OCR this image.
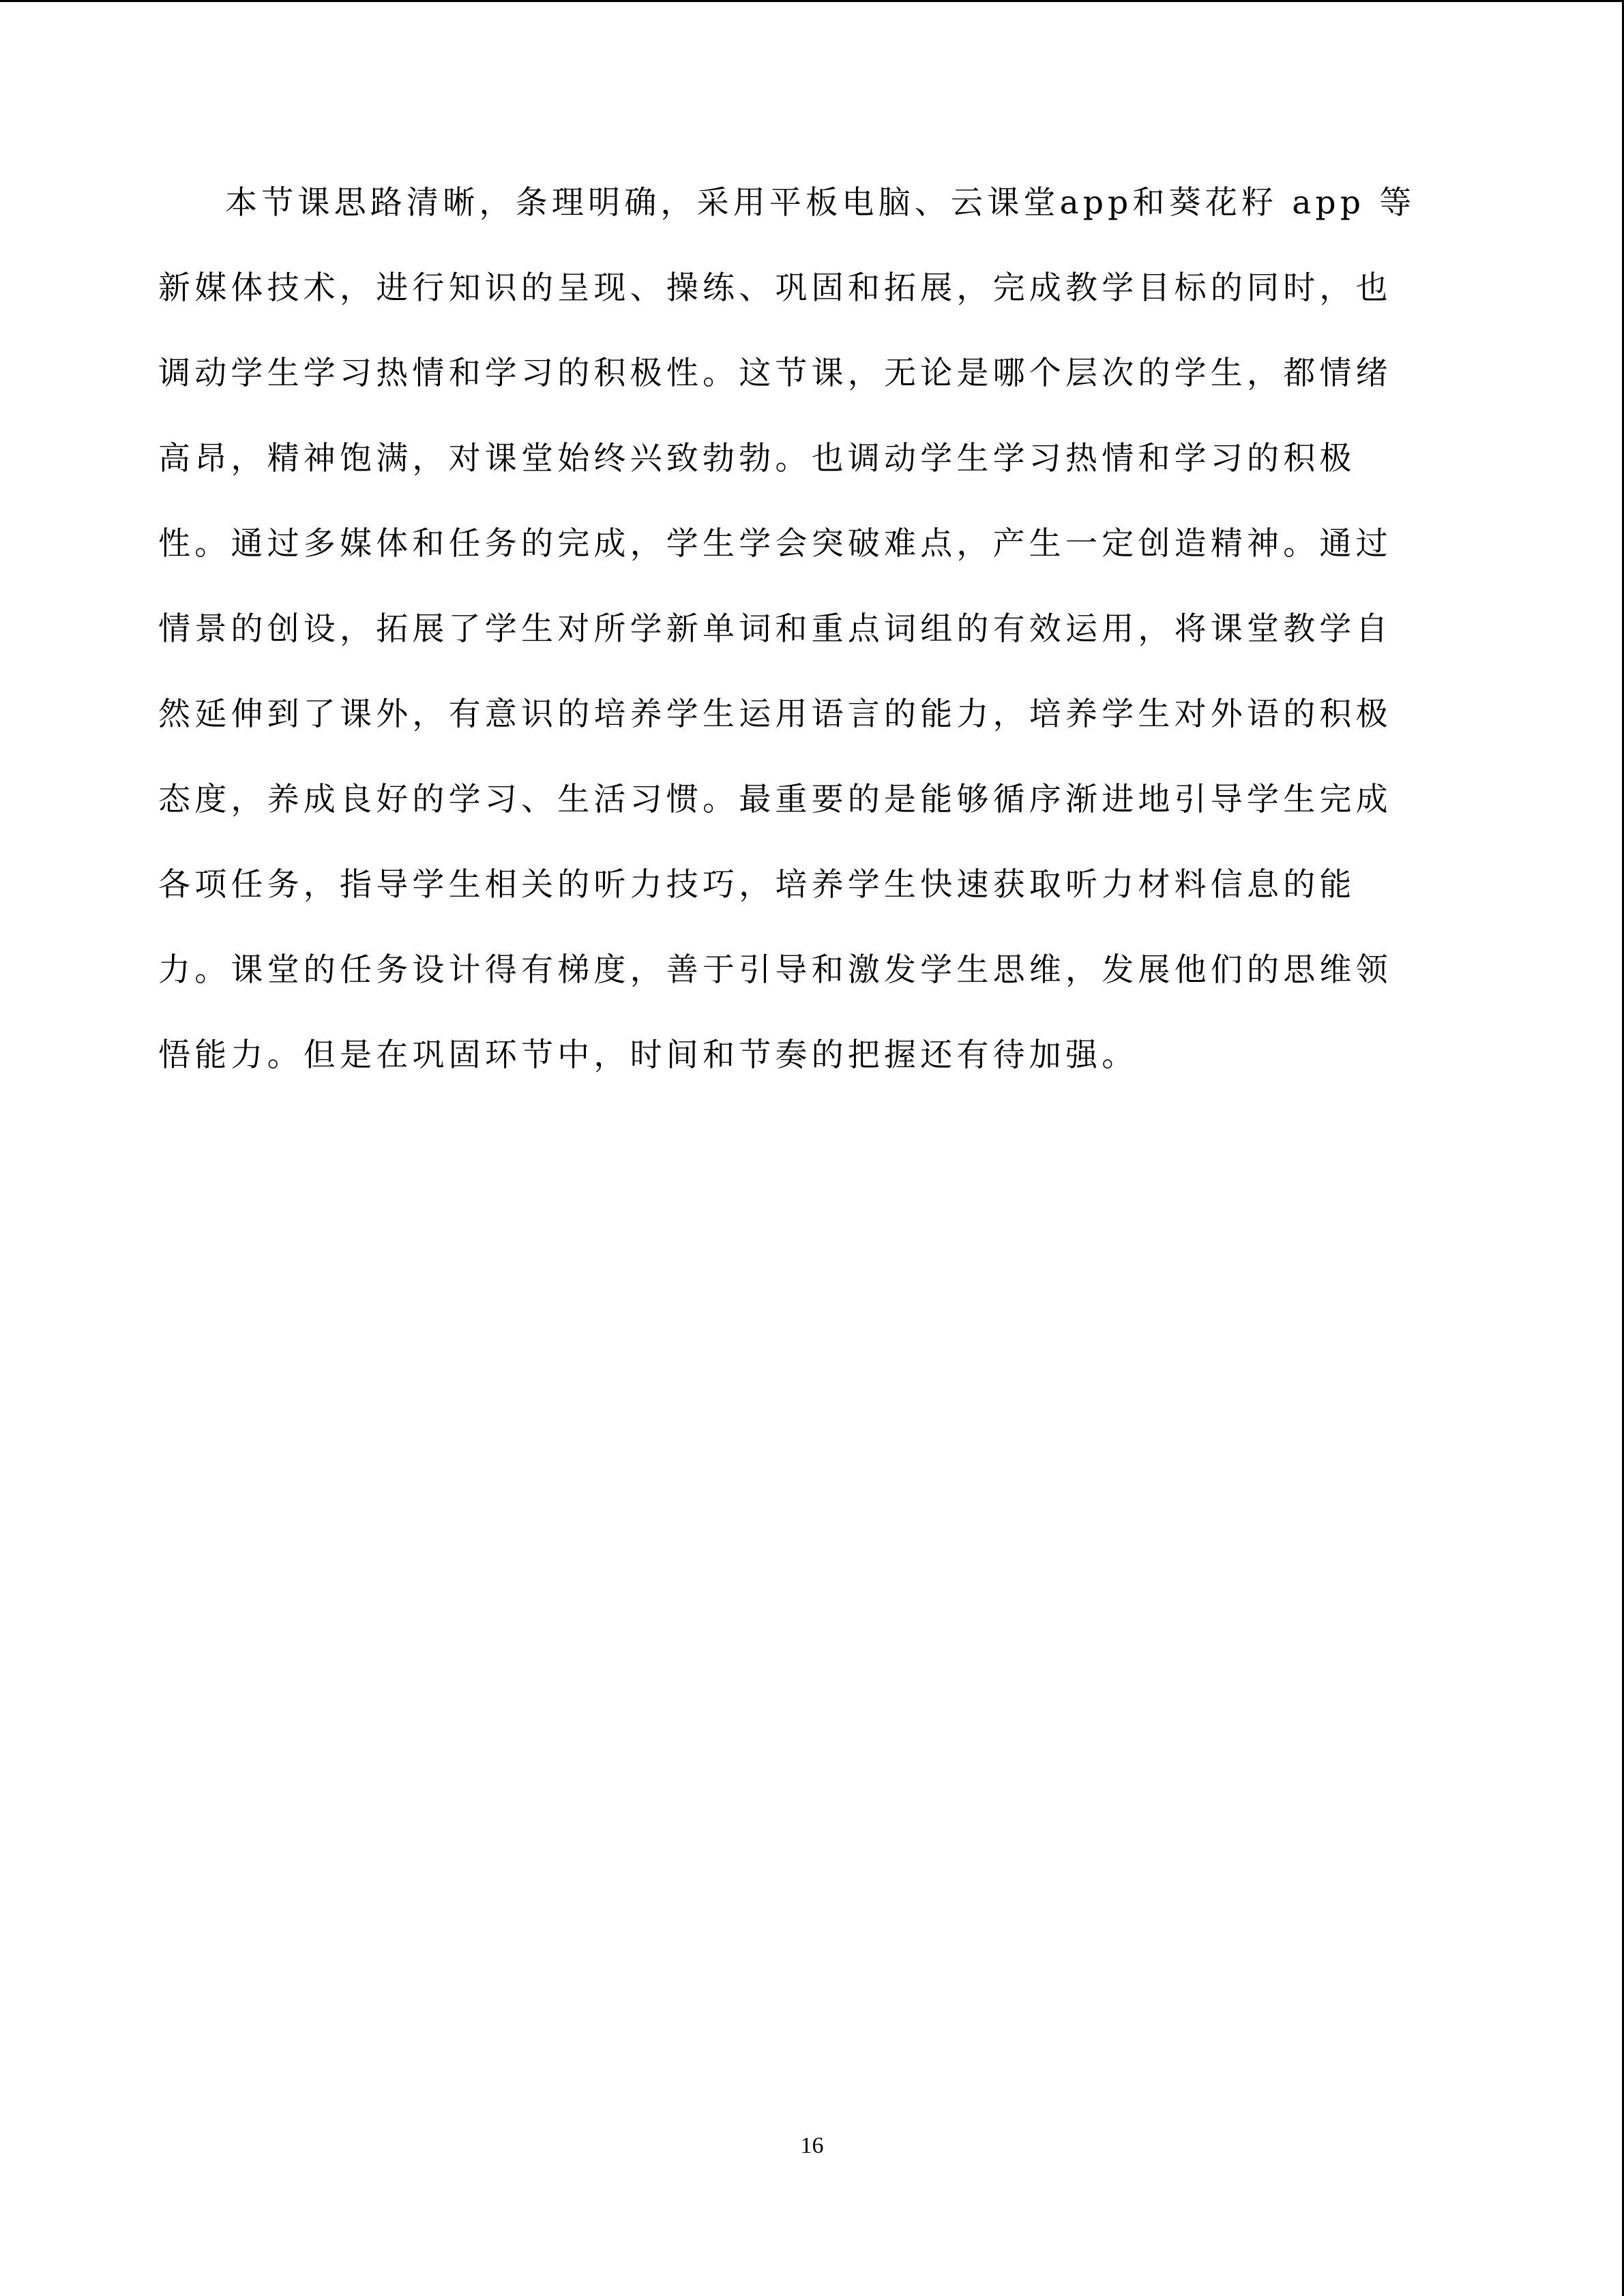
本节课思路清晰，条理明确，采用平板电脑、云课堂app和葵花籽 app 等
新媒体技术，进行知识的呈现、操练、巩固和拓展，完成教学目标的同时，也
调动学生学习热情和学习的积极性。这节课，无论是哪个层次的学生，都情绪
高昂，精神饱满，对课堂始终兴致勃勃。也调动学生学习热情和学习的积极
性。通过多媒体和任务的完成，学生学会突破难点，产生一定创造精神。通过
情景的创设，拓展了学生对所学新单词和重点词组的有效运用，将课堂教学自
然延伸到了课外，有意识的培养学生运用语言的能力，培养学生对外语的积极
态度，养成良好的学习、生活习惯。最重要的是能够循序渐进地引导学生完成
各项任务，指导学生相关的听力技巧，培养学生快速获取听力材料信息的能
力。课堂的任务设计得有梯度，善于引导和激发学生思维，发展他们的思维领
悟能力。但是在巩固环节中，时间和节奏的把握还有待加强。
16
